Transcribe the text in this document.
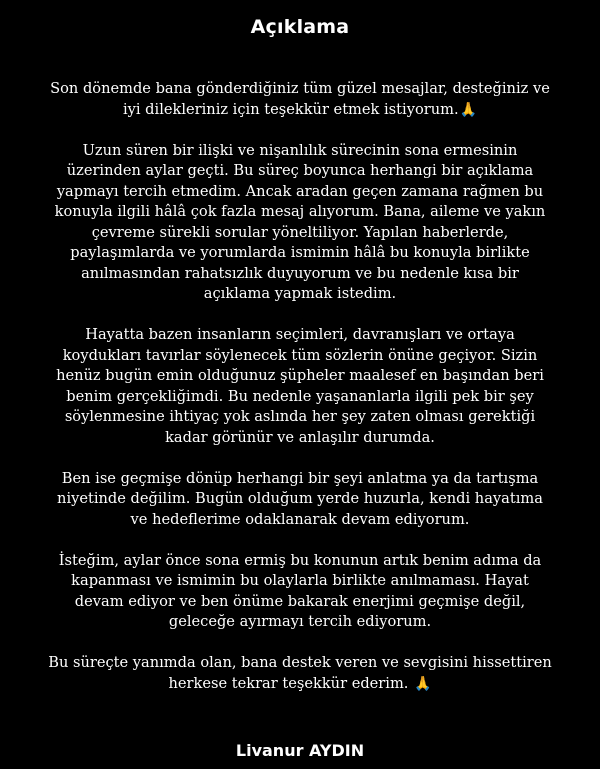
Açıklama

Son dönemde bana gönderdiğiniz tüm güzel mesajlar, desteğiniz ve
iyi dilekleriniz için teşekkür etmek istiyorum.🙏

Uzun süren bir ilişki ve nişanlılık sürecinin sona ermesinin
üzerinden aylar geçti. Bu süreç boyunca herhangi bir açıklama
yapmayı tercih etmedim. Ancak aradan geçen zamana rağmen bu
konuyla ilgili hâlâ çok fazla mesaj alıyorum. Bana, aileme ve yakın
çevreme sürekli sorular yöneltiliyor. Yapılan haberlerde,
paylaşımlarda ve yorumlarda ismimin hâlâ bu konuyla birlikte
anılmasından rahatsızlık duyuyorum ve bu nedenle kısa bir
açıklama yapmak istedim.

Hayatta bazen insanların seçimleri, davranışları ve ortaya
koydukları tavırlar söylenecek tüm sözlerin önüne geçiyor. Sizin
henüz bugün emin olduğunuz şüpheler maalesef en başından beri
benim gerçekliğimdi. Bu nedenle yaşananlarla ilgili pek bir şey
söylenmesine ihtiyaç yok aslında her şey zaten olması gerektiği
kadar görünür ve anlaşılır durumda.

Ben ise geçmişe dönüp herhangi bir şeyi anlatma ya da tartışma
niyetinde değilim. Bugün olduğum yerde huzurla, kendi hayatıma
ve hedeflerime odaklanarak devam ediyorum.

İsteğim, aylar önce sona ermiş bu konunun artık benim adıma da
kapanması ve ismimin bu olaylarla birlikte anılmaması. Hayat
devam ediyor ve ben önüme bakarak enerjimi geçmişe değil,
geleceğe ayırmayı tercih ediyorum.

Bu süreçte yanımda olan, bana destek veren ve sevgisini hissettiren
herkese tekrar teşekkür ederim. 🙏

Livanur AYDIN
